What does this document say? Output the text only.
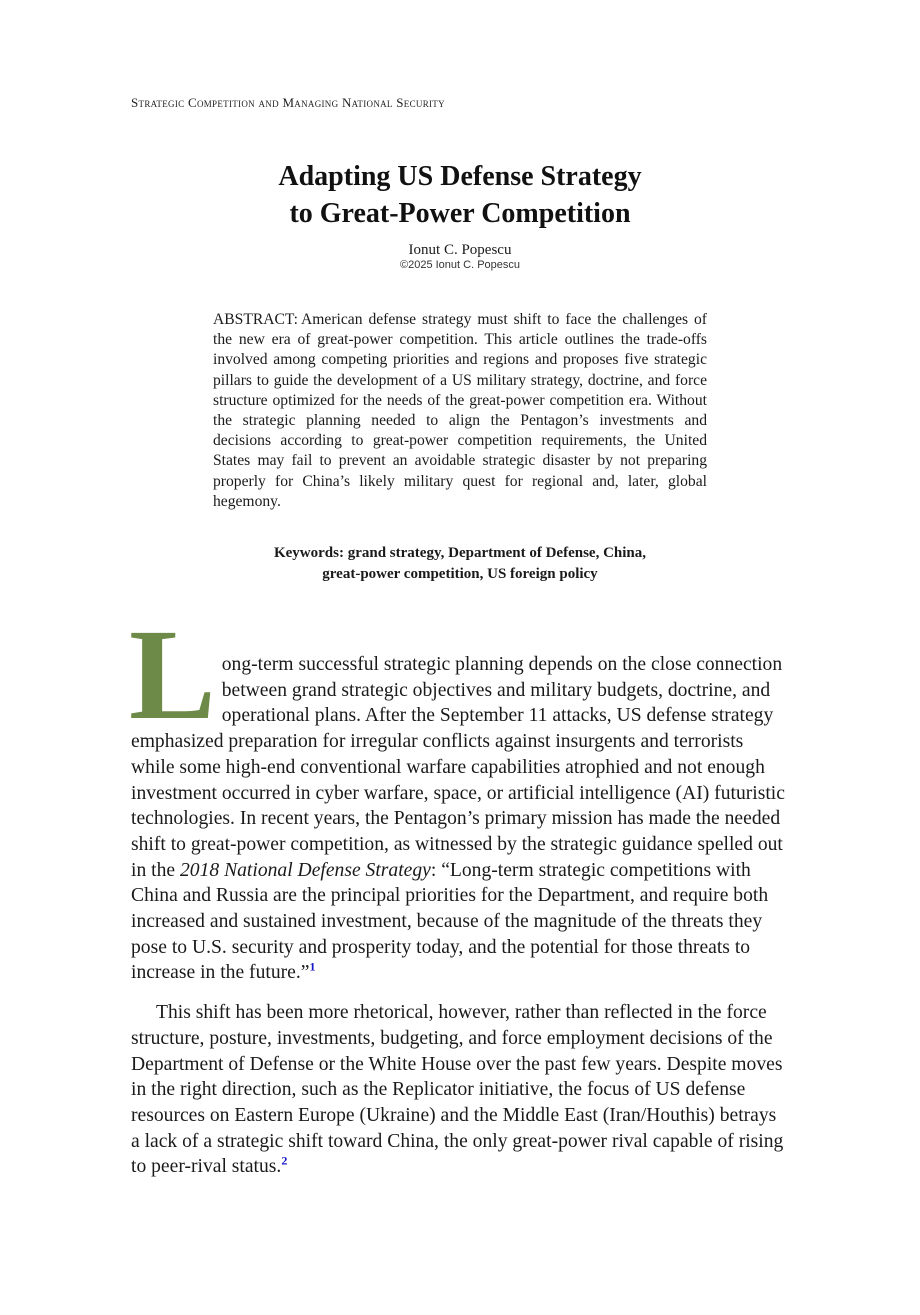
Strategic Competition and Managing National Security
Adapting US Defense Strategy
to Great-Power Competition
Ionut C. Popescu
©2025 Ionut C. Popescu
ABSTRACT: American defense strategy must shift to face the challenges of the new era of great-power competition. This article outlines the trade-offs involved among competing priorities and regions and proposes five strategic pillars to guide the development of a US military strategy, doctrine, and force structure optimized for the needs of the great-power competition era. Without the strategic planning needed to align the Pentagon’s investments and decisions according to great-power competition requirements, the United States may fail to prevent an avoidable strategic disaster by not preparing properly for China’s likely military quest for regional and, later, global hegemony.
Keywords: grand strategy, Department of Defense, China,
great-power competition, US foreign policy

Long-term successful strategic planning depends on the close connection between grand strategic objectives and military budgets, doctrine, and operational plans. After the September 11 attacks, US defense strategy emphasized preparation for irregular conflicts against insurgents and terrorists while some high-end conventional warfare capabilities atrophied and not enough investment occurred in cyber warfare, space, or artificial intelligence (AI) futuristic technologies. In recent years, the Pentagon’s primary mission has made the needed shift to great-power competition, as witnessed by the strategic guidance spelled out in the 2018 National Defense Strategy: “Long-term strategic competitions with China and Russia are the principal priorities for the Department, and require both increased and sustained investment, because of the magnitude of the threats they pose to U.S. security and prosperity today, and the potential for those threats to increase in the future.”$^1$

This shift has been more rhetorical, however, rather than reflected in the force structure, posture, investments, budgeting, and force employment decisions of the Department of Defense or the White House over the past few years. Despite moves in the right direction, such as the Replicator initiative, the focus of US defense resources on Eastern Europe (Ukraine) and the Middle East (Iran/Houthis) betrays a lack of a strategic shift toward China, the only great-power rival capable of rising to peer-rival status.$^2$
